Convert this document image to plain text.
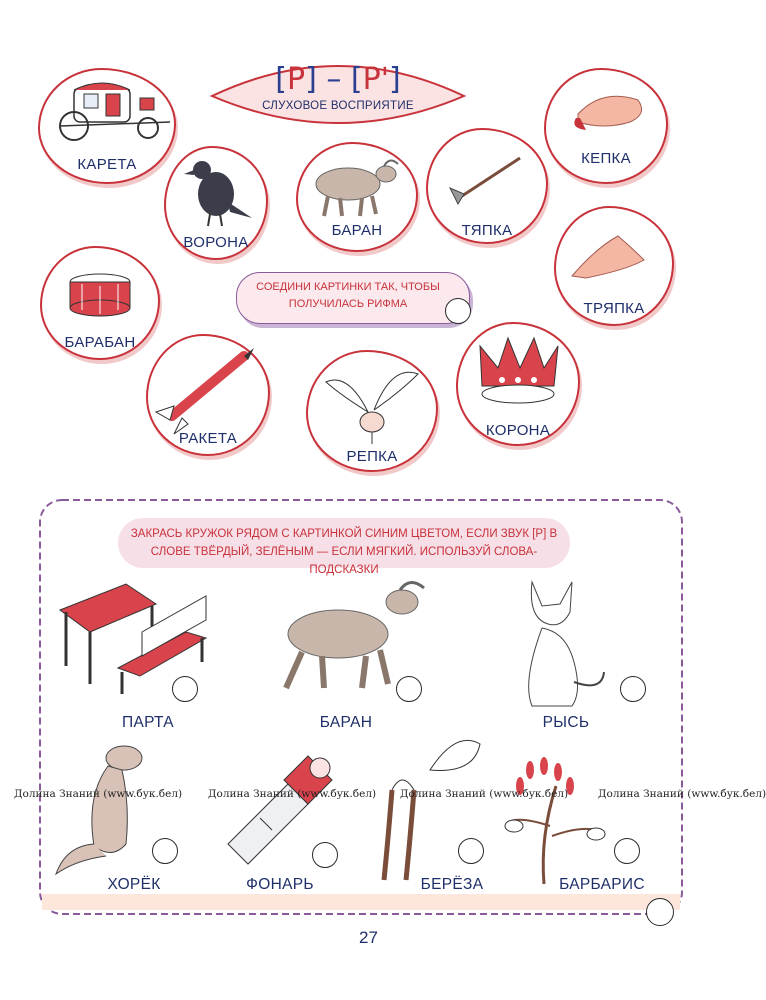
[Р] – [Р']
СЛУХОВОЕ ВОСПРИЯТИЕ
КАРЕТА
ВОРОНА
БАРАН	ТЯПКА
КЕПКА
БАРАБАН
ТРЯПКА
СОЕДИНИ КАРТИНКИ ТАК, ЧТОБЫ ПОЛУЧИЛАСЬ РИФМА
РАКЕТА
РЕПКА
КОРОНА
ЗАКРАСЬ КРУЖОК РЯДОМ С КАРТИНКОЙ СИНИМ ЦВЕТОМ, ЕСЛИ ЗВУК [Р] В СЛОВЕ ТВЁРДЫЙ, ЗЕЛЁНЫМ — ЕСЛИ МЯГКИЙ. ИСПОЛЬЗУЙ СЛОВА-ПОДСКАЗКИ
ПАРТА	БАРАН	РЫСЬ
ХОРЁК	ФОНАРЬ	БЕРЁЗА	БАРБАРИС
Долина Знаний (www.бук.бел) Долина Знаний (www.бук.бел) Долина Знаний (www.бук.бел)	Долина Знаний (www.бук.бел)
27
